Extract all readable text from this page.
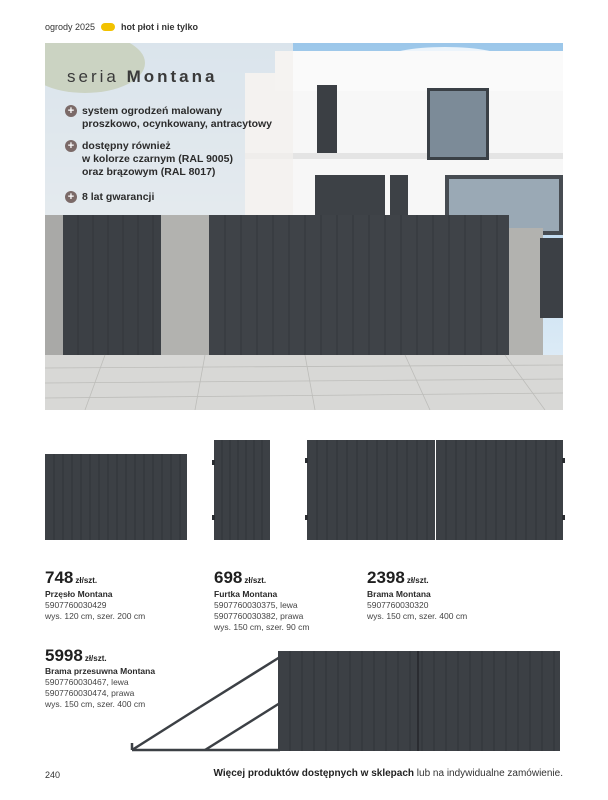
ogrody 2025	hot płot i nie tylko
seria Montana
+ system ogrodzeń malowany
proszkowo, ocynkowany, antracytowy
+ dostępny również
w kolorze czarnym (RAL 9005)
oraz brązowym (RAL 8017)
+ 8 lat gwarancji
748 zł/szt.
Przęsło Montana
5907760030429
wys. 120 cm, szer. 200 cm
698 zł/szt.
Furtka Montana
5907760030375, lewa
5907760030382, prawa
wys. 150 cm, szer. 90 cm
2398 zł/szt.
Brama Montana
5907760030320
wys. 150 cm, szer. 400 cm
5998 zł/szt.
Brama przesuwna Montana
5907760030467, lewa
5907760030474, prawa
wys. 150 cm, szer. 400 cm
240	Więcej produktów dostępnych w sklepach lub na indywidualne zamówienie.
